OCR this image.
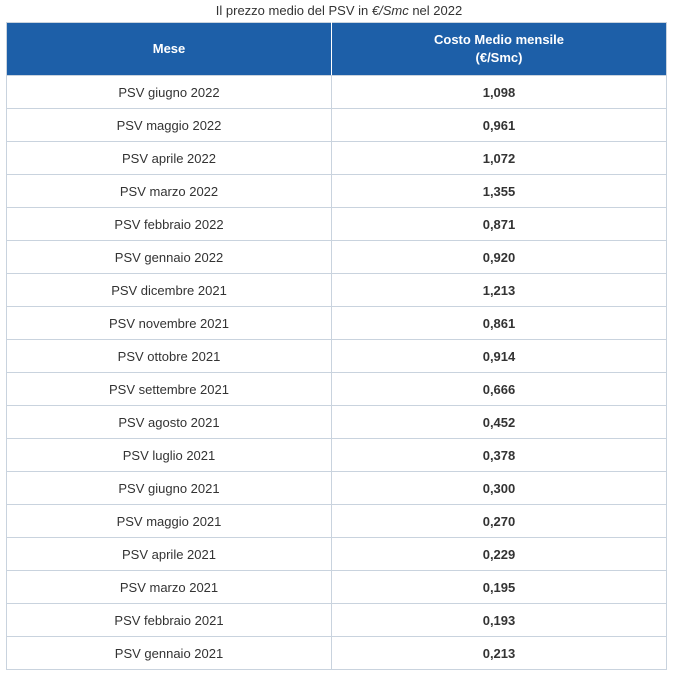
Il prezzo medio del PSV in €/Smc nel 2022
Mese	Costo Medio mensile
(€/Smc)
PSV giugno 2022	1,098
PSV maggio 2022	0,961
PSV aprile 2022	1,072
PSV marzo 2022	1,355
PSV febbraio 2022	0,871
PSV gennaio 2022	0,920
PSV dicembre 2021	1,213
PSV novembre 2021	0,861
PSV ottobre 2021	0,914
PSV settembre 2021	0,666
PSV agosto 2021	0,452
PSV luglio 2021	0,378
PSV giugno 2021	0,300
PSV maggio 2021	0,270
PSV aprile 2021	0,229
PSV marzo 2021	0,195
PSV febbraio 2021	0,193
PSV gennaio 2021	0,213
